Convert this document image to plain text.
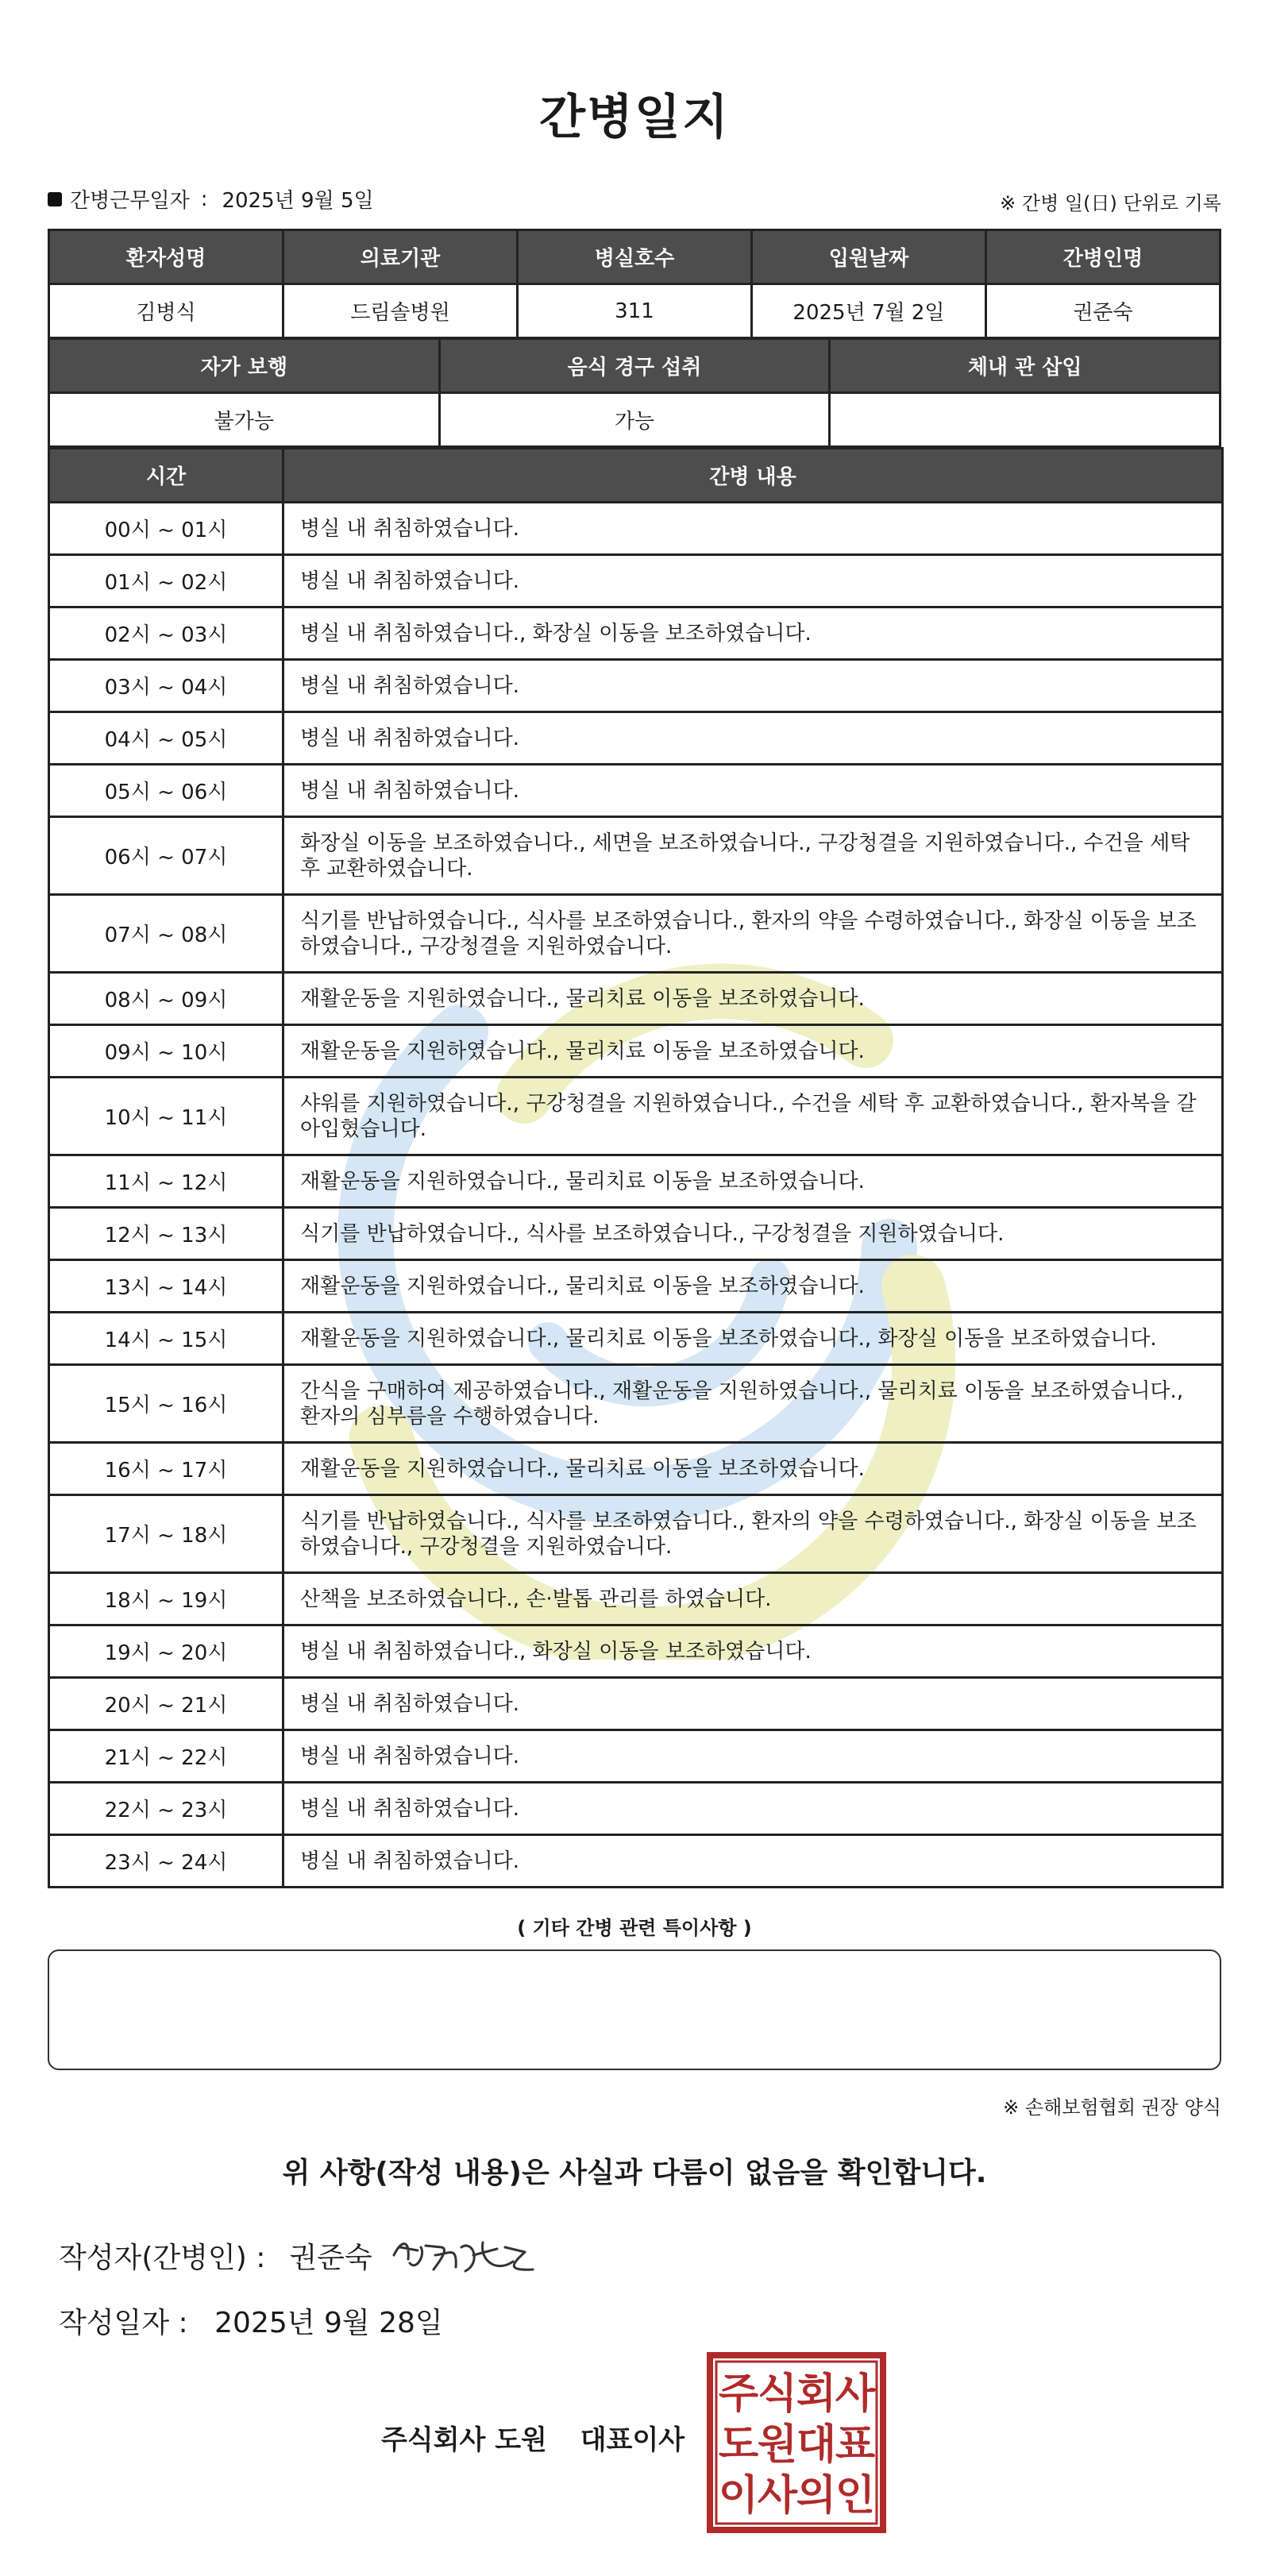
간병일지
간병근무일자 : 2025년 9월 5일	※ 간병 일(日) 단위로 기록
환자성명	의료기관	병실호수	입원날짜	간병인명
김병식	드림솔병원	311	2025년 7월 2일	권준숙
자가 보행	음식 경구 섭취	체내 관 삽입
불가능	가능	
시간	간병 내용
00시 ~ 01시	병실 내 취침하였습니다.
01시 ~ 02시	병실 내 취침하였습니다.
02시 ~ 03시	병실 내 취침하였습니다., 화장실 이동을 보조하였습니다.
03시 ~ 04시	병실 내 취침하였습니다.
04시 ~ 05시	병실 내 취침하였습니다.
05시 ~ 06시	병실 내 취침하였습니다.
06시 ~ 07시	화장실 이동을 보조하였습니다., 세면을 보조하였습니다., 구강청결을 지원하였습니다., 수건을 세탁 후 교환하였습니다.
07시 ~ 08시	식기를 반납하였습니다., 식사를 보조하였습니다., 환자의 약을 수령하였습니다., 화장실 이동을 보조하였습니다., 구강청결을 지원하였습니다.
08시 ~ 09시	재활운동을 지원하였습니다., 물리치료 이동을 보조하였습니다.
09시 ~ 10시	재활운동을 지원하였습니다., 물리치료 이동을 보조하였습니다.
10시 ~ 11시	샤워를 지원하였습니다., 구강청결을 지원하였습니다., 수건을 세탁 후 교환하였습니다., 환자복을 갈아입혔습니다.
11시 ~ 12시	재활운동을 지원하였습니다., 물리치료 이동을 보조하였습니다.
12시 ~ 13시	식기를 반납하였습니다., 식사를 보조하였습니다., 구강청결을 지원하였습니다.
13시 ~ 14시	재활운동을 지원하였습니다., 물리치료 이동을 보조하였습니다.
14시 ~ 15시	재활운동을 지원하였습니다., 물리치료 이동을 보조하였습니다., 화장실 이동을 보조하였습니다.
15시 ~ 16시	간식을 구매하여 제공하였습니다., 재활운동을 지원하였습니다., 물리치료 이동을 보조하였습니다., 환자의 심부름을 수행하였습니다.
16시 ~ 17시	재활운동을 지원하였습니다., 물리치료 이동을 보조하였습니다.
17시 ~ 18시	식기를 반납하였습니다., 식사를 보조하였습니다., 환자의 약을 수령하였습니다., 화장실 이동을 보조하였습니다., 구강청결을 지원하였습니다.
18시 ~ 19시	산책을 보조하였습니다., 손·발톱 관리를 하였습니다.
19시 ~ 20시	병실 내 취침하였습니다., 화장실 이동을 보조하였습니다.
20시 ~ 21시	병실 내 취침하였습니다.
21시 ~ 22시	병실 내 취침하였습니다.
22시 ~ 23시	병실 내 취침하였습니다.
23시 ~ 24시	병실 내 취침하였습니다.
( 기타 간병 관련 특이사항 )
※ 손해보험협회 권장 양식
위 사항(작성 내용)은 사실과 다름이 없음을 확인합니다.
작성자(간병인) : 권준숙
작성일자 : 2025년 9월 28일
주식회사 도원 대표이사
주
식
회
사
도
원
대
표
이
사
의
인
